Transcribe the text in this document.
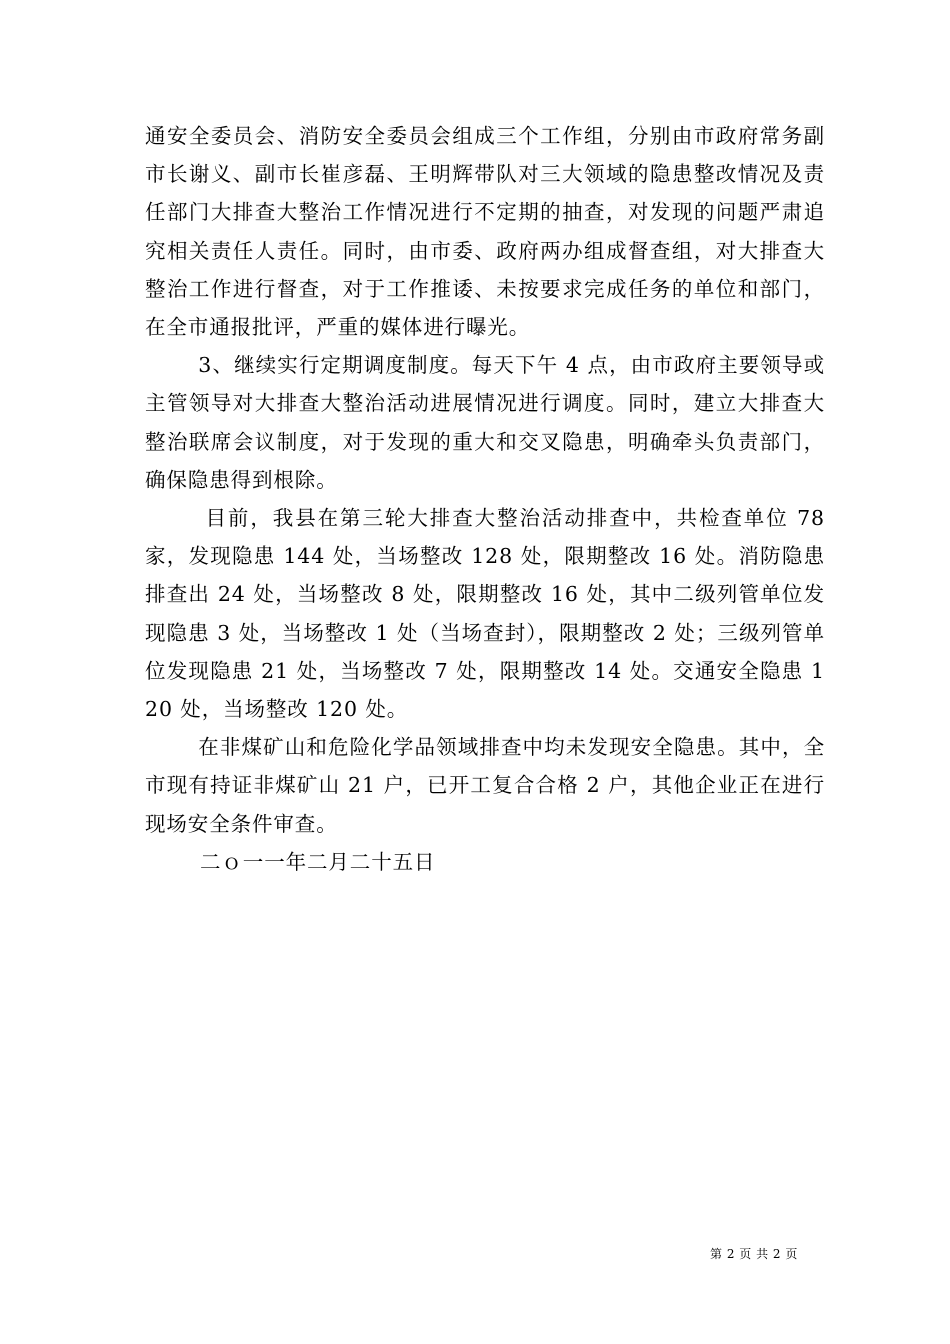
通安全委员会、消防安全委员会组成三个工作组，分别由市政府常务副市长谢义、副市长崔彦磊、王明辉带队对三大领域的隐患整改情况及责任部门大排查大整治工作情况进行不定期的抽查，对发现的问题严肃追究相关责任人责任。同时，由市委、政府两办组成督查组，对大排查大整治工作进行督查，对于工作推诿、未按要求完成任务的单位和部门，在全市通报批评，严重的媒体进行曝光。

3、继续实行定期调度制度。每天下午 4 点，由市政府主要领导或主管领导对大排查大整治活动进展情况进行调度。同时，建立大排查大整治联席会议制度，对于发现的重大和交叉隐患，明确牵头负责部门，确保隐患得到根除。

目前，我县在第三轮大排查大整治活动排查中，共检查单位 78 家，发现隐患 144 处，当场整改 128 处，限期整改 16 处。消防隐患排查出 24 处，当场整改 8 处，限期整改 16 处，其中二级列管单位发现隐患 3 处，当场整改 1 处（当场查封），限期整改 2 处；三级列管单位发现隐患 21 处，当场整改 7 处，限期整改 14 处。交通安全隐患 120 处，当场整改 120 处。

在非煤矿山和危险化学品领域排查中均未发现安全隐患。其中，全市现有持证非煤矿山 21 户，已开工复合合格 2 户，其他企业正在进行现场安全条件审查。

二ｏ一一年二月二十五日

第 2 页 共 2 页
